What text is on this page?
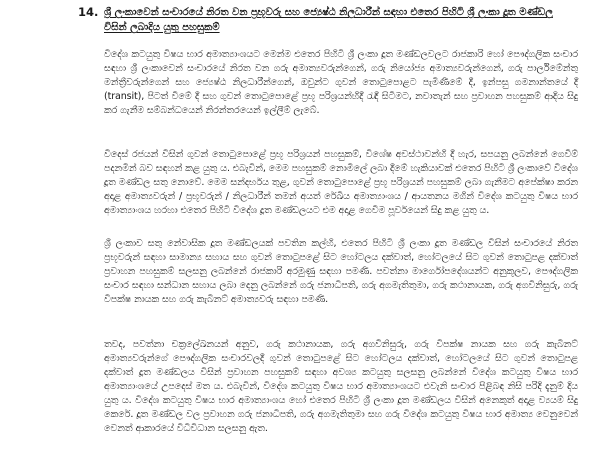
14. ශ්‍රී ලංකාවෙන් සංචාරයේ නිරත වන ප්‍රභූවරු සහ ජ්‍යෙෂ්ඨ නිලධාරීන් සඳහා එතෙර පිහිටි ශ්‍රී ලංකා දූත මණ්ඩල විසින් ලබාදිය යුතු පහසුකම්

විදේශ කටයුතු විෂය භාර අමාත්‍යාංශයට මෙන්ම එතෙර පිහිටි ශ්‍රී ලංකා දූත මණ්ඩලවලට රාජකාරි හෝ පෞද්ගලික සංචාර සඳහා ශ්‍රී ලංකාවෙන් සංචාරයේ නිරත වන ගරු අමාත්‍යවරුන්ගෙන්, ගරු නියෝජ්‍ය අමාත්‍යවරුන්ගෙන්, ගරු පාර්ලිමේන්තු මන්ත්‍රීවරුන්ගෙන් සහ ජ්‍යෙෂ්ඨ නිලධාරීන්ගෙන්, ඔවුන්ට ගුවන් තොටුපොළට පැමිණීමේ දී, ඉන්පසු ගමනාන්තයේ දී (transit), පිටත් වීමේ දී සහ ගුවන් තොටුපොළේ ප්‍රභූ පරිශ්‍රයන්හිදී රැඳී සිටීමට, නවාතැන් සහ ප්‍රවාහන පහසුකම් ආදිය සිදු කර ගැනීම සම්බන්ධයෙන් නිරන්තරයෙන් ඉල්ලීම් ලැබේ.

විදෙස් රජයන් විසින් ගුවන් තොටුපොළේ ප්‍රභූ පරිශ්‍රයන් පහසුකම්, විශේෂ අවස්ථාවන්හි දී හැර, සපයනු ලබන්නේ ගෙවීම් පදනමින් බව සඳහන් කළ යුතු ය. එබැවින්, මෙම පහසුකම් නොමිලේ ලබා දීමේ හැකියාවක් එතෙර පිහිටි ශ්‍රී ලංකාවේ විදේශ දූත මණ්ඩල සතු නොවේ. මෙම සන්දර්භය තුළ, ගුවන් තොටුපොළේ ප්‍රභූ පරිශ්‍රයන් පහසුකම් ලබා ගැනීමට අපේක්ෂා කරන අදාළ අමාත්‍යවරුන් / ප්‍රභූවරුන් / නිලධාරීන් තමන් අයත් රේඛීය අමාත්‍යාංශය / ආයතනය මගින් විදේශ කටයුතු විෂය භාර අමාත්‍යාංශය හරහා එතෙර පිහිටි විදේශ දූත මණ්ඩලයට එම අදාළ ගෙවීම පූර්වයෙන් සිදු කළ යුතු ය.

ශ්‍රී ලංකාව සතු නේවාසික දූත මණ්ඩලයක් පවතින කල්හි, එතෙර පිහිටි ශ්‍රී ලංකා දූත මණ්ඩල විසින් සංචාරයේ නිරත ප්‍රභූවරුන් සඳහා සාමාන්‍ය සහාය සහ ගුවන් තොටුපළේ සිට හෝටලය දක්වාත්, හෝටලයේ සිට ගුවන් තොටුපළ දක්වාත් ප්‍රවාහන පහසුකම් සලසනු ලබන්නේ රාජකාරි අරමුණු සඳහා පමණි. පවත්නා මාර්ගෝපදේශයන්ට අනුකූලව, පෞද්ගලික සංචාර සඳහා සන්ධාන සහාය ලබා දෙනු ලබන්නේ ගරු ජනාධිපති, ගරු අගමැතිතුමා, ගරු කථානායක, ගරු අගවිනිසුරු, ගරු විපක්ෂ නායක සහ ගරු කැබිනට් අමාත්‍යවරු සඳහා පමණි.

තවද, පවත්නා චක්‍රලේඛනයන් අනුව, ගරු කථානායක, ගරු අගවිනිසුරු, ගරු විපක්ෂ නායක සහ ගරු කැබිනට් අමාත්‍යවරුන්ගේ පෞද්ගලික සංචාරවලදී ගුවන් තොටුපළේ සිට හෝටලය දක්වාත්, හෝටලයේ සිට ගුවන් තොටුපළ දක්වාත් දූත මණ්ඩලය විසින් ප්‍රවාහන පහසුකම් සඳහා අවශ්‍ය කටයුතු සලසනු ලබන්නේ විදේශ කටයුතු විෂය භාර අමාත්‍යාංශයේ උපදෙස් මත ය. එබැවින්, විදේශ කටයුතු විෂය භාර අමාත්‍යාංශයට එවැනි සංචාර පිළිබඳ නිසි පරිදි දැනුම් දිය යුතු ය. විදේශ කටයුතු විෂය භාර අමාත්‍යාංශය හෝ එතෙර පිහිටි ශ්‍රී ලංකා දූත මණ්ඩලය විසින් අනෙකුත් අදාළ ව්‍යයම් සිදු කෙරේ. දූත මණ්ඩල වල ප්‍රවාහන ගරු ජනාධිපති, ගරු අගමැතිතුමා සහ ගරු විදේශ කටයුතු විෂය භාර අමාත්‍ය වෙනුවෙන් වෙනත් ආකාරයේ විධිවිධාන සලසනු ඇත.
